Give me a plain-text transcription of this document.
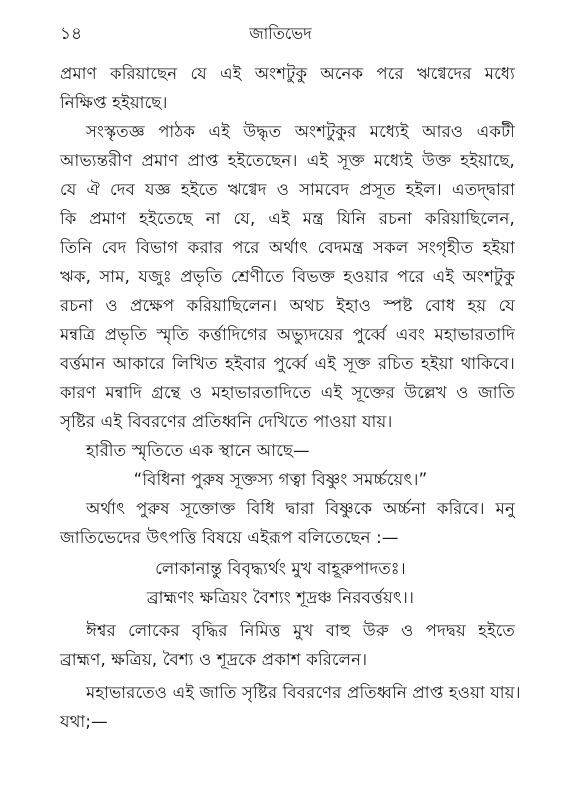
১৪	জাতিভেদ
প্রমাণ করিয়াছেন যে এই অংশটুকু অনেক পরে ঋগ্বেদের মধ্যে
নিক্ষিপ্ত হইয়াছে।
সংস্কৃতজ্ঞ পাঠক এই উদ্ধৃত অংশটুকুর মধ্যেই আরও একটী
আভ্যন্তরীণ প্রমাণ প্রাপ্ত হইতেছেন। এই সূক্ত মধ্যেই উক্ত হইয়াছে,
যে ঐ দেব যজ্ঞ হইতে ঋগ্বেদ ও সামবেদ প্রসূত হইল। এতদ্দ্বারা
কি প্রমাণ হইতেছে না যে, এই মন্ত্র যিনি রচনা করিয়াছিলেন,
তিনি বেদ বিভাগ করার পরে অর্থাৎ বেদমন্ত্র সকল সংগৃহীত হইয়া
ঋক, সাম, যজুঃ প্রভৃতি শ্রেণীতে বিভক্ত হওয়ার পরে এই অংশটুকু
রচনা ও প্রক্ষেপ করিয়াছিলেন। অথচ ইহাও স্পষ্ট বোধ হয় যে
মন্বত্রি প্রভৃতি স্মৃতি কর্ত্তাদিগের অভ্যুদয়ের পুর্ব্বে এবং মহাভারতাদি
বর্ত্তমান আকারে লিখিত হইবার পুর্ব্বে এই সূক্ত রচিত হইয়া থাকিবে।
কারণ মন্বাদি গ্রন্থে ও মহাভারতাদিতে এই সূক্তের উল্লেখ ও জাতি
সৃষ্টির এই বিবরণের প্রতিধ্বনি দেখিতে পাওয়া যায়।
হারীত স্মৃতিতে এক স্থানে আছে—
“বিধিনা পুরুষ সূক্তস্য গত্বা বিষ্ণুং সমর্চ্চয়েৎ।”
অর্থাৎ পুরুষ সূক্তোক্ত বিধি দ্বারা বিষ্ণুকে অর্চ্চনা করিবে। মনু
জাতিভেদের উৎপত্তি বিষয়ে এইরূপ বলিতেছেন :—
লোকানান্তু বিবৃদ্ধ্যর্থং মুখ বাহূরুপাদতঃ।
ব্রাহ্মণং ক্ষত্রিয়ং বৈশ্যং শূদ্রঞ্চ নিরবর্ত্তয়ৎ।।
ঈশ্বর লোকের বৃদ্ধির নিমিত্ত মুখ বাহু উরু ও পদদ্বয় হইতে
ব্রাহ্মণ, ক্ষত্রিয়, বৈশ্য ও শূদ্রকে প্রকাশ করিলেন।
মহাভারতেও এই জাতি সৃষ্টির বিবরণের প্রতিধ্বনি প্রাপ্ত হওয়া যায়।
যথা;—
